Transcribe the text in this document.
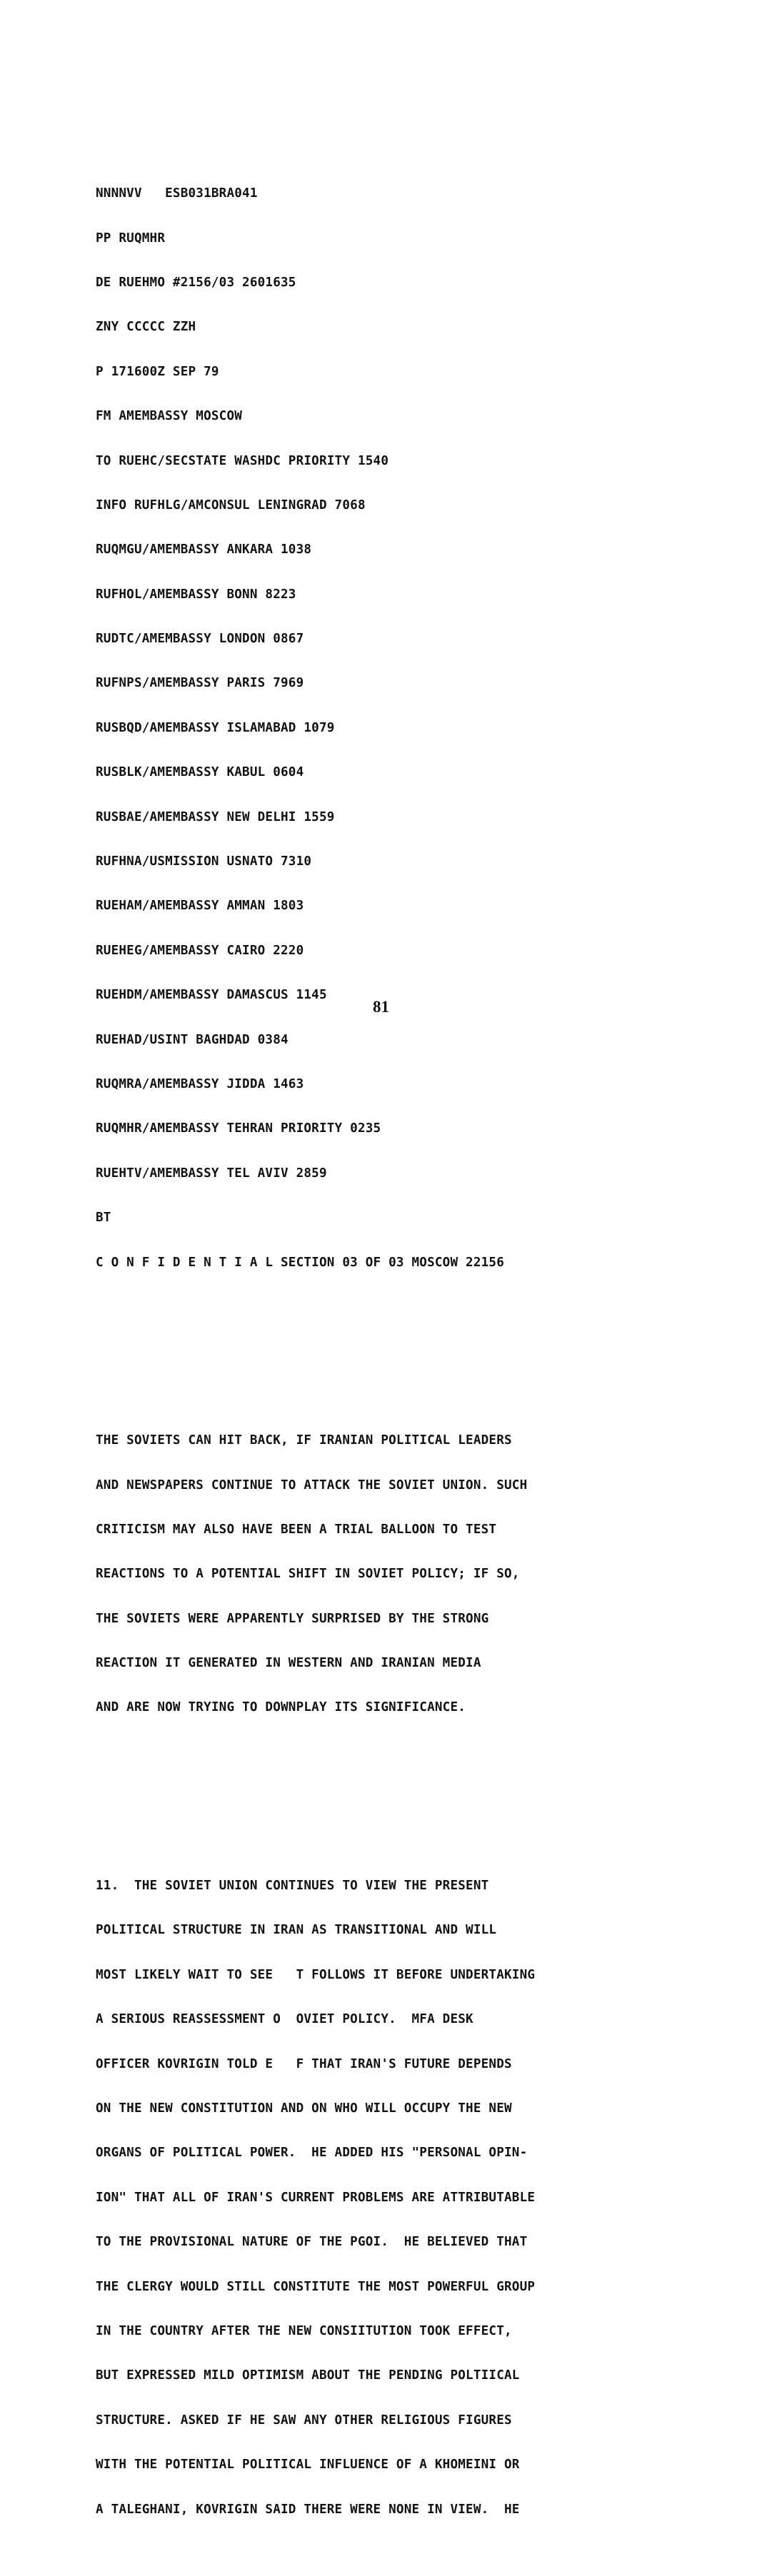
NNNNVV   ESB031BRA041

PP RUQMHR

DE RUEHMO #2156/03 2601635

ZNY CCCCC ZZH

P 171600Z SEP 79

FM AMEMBASSY MOSCOW

TO RUEHC/SECSTATE WASHDC PRIORITY 1540

INFO RUFHLG/AMCONSUL LENINGRAD 7068

RUQMGU/AMEMBASSY ANKARA 1038

RUFHOL/AMEMBASSY BONN 8223

RUDTC/AMEMBASSY LONDON 0867

RUFNPS/AMEMBASSY PARIS 7969

RUSBQD/AMEMBASSY ISLAMABAD 1079

RUSBLK/AMEMBASSY KABUL 0604

RUSBAE/AMEMBASSY NEW DELHI 1559

RUFHNA/USMISSION USNATO 7310

RUEHAM/AMEMBASSY AMMAN 1803

RUEHEG/AMEMBASSY CAIRO 2220

RUEHDM/AMEMBASSY DAMASCUS 1145

RUEHAD/USINT BAGHDAD 0384

RUQMRA/AMEMBASSY JIDDA 1463

RUQMHR/AMEMBASSY TEHRAN PRIORITY 0235

RUEHTV/AMEMBASSY TEL AVIV 2859

BT

C O N F I D E N T I A L SECTION 03 OF 03 MOSCOW 22156

THE SOVIETS CAN HIT BACK, IF IRANIAN POLITICAL LEADERS

AND NEWSPAPERS CONTINUE TO ATTACK THE SOVIET UNION. SUCH

CRITICISM MAY ALSO HAVE BEEN A TRIAL BALLOON TO TEST

REACTIONS TO A POTENTIAL SHIFT IN SOVIET POLICY; IF SO,

THE SOVIETS WERE APPARENTLY SURPRISED BY THE STRONG

REACTION IT GENERATED IN WESTERN AND IRANIAN MEDIA

AND ARE NOW TRYING TO DOWNPLAY ITS SIGNIFICANCE.

11.  THE SOVIET UNION CONTINUES TO VIEW THE PRESENT

POLITICAL STRUCTURE IN IRAN AS TRANSITIONAL AND WILL

MOST LIKELY WAIT TO SEE   T FOLLOWS IT BEFORE UNDERTAKING

A SERIOUS REASSESSMENT O  OVIET POLICY.  MFA DESK

OFFICER KOVRIGIN TOLD E   F THAT IRAN'S FUTURE DEPENDS

ON THE NEW CONSTITUTION AND ON WHO WILL OCCUPY THE NEW

ORGANS OF POLITICAL POWER.  HE ADDED HIS "PERSONAL OPIN-

ION" THAT ALL OF IRAN'S CURRENT PROBLEMS ARE ATTRIBUTABLE

TO THE PROVISIONAL NATURE OF THE PGOI.  HE BELIEVED THAT

THE CLERGY WOULD STILL CONSTITUTE THE MOST POWERFUL GROUP

IN THE COUNTRY AFTER THE NEW CONSIITUTION TOOK EFFECT,

BUT EXPRESSED MILD OPTIMISM ABOUT THE PENDING POLTIICAL

STRUCTURE. ASKED IF HE SAW ANY OTHER RELIGIOUS FIGURES

WITH THE POTENTIAL POLITICAL INFLUENCE OF A KHOMEINI OR

A TALEGHANI, KOVRIGIN SAID THERE WERE NONE IN VIEW.  HE

81
